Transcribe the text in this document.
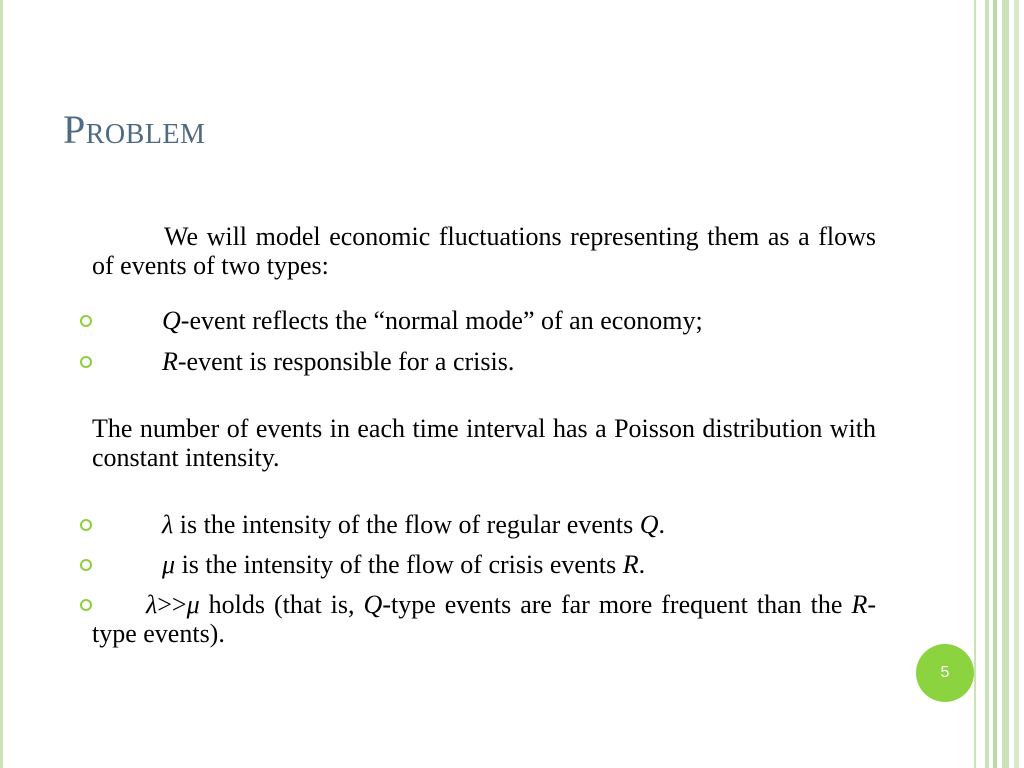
Problem

We will model economic fluctuations representing them as a flows of events of two types:

Q-event reflects the “normal mode” of an economy;

R-event is responsible for a crisis.

The number of events in each time interval has a Poisson distribution with constant intensity.

λ is the intensity of the flow of regular events Q.

μ is the intensity of the flow of crisis events R.

λ>>μ holds (that is, Q-type events are far more frequent than the R-type events).

5
